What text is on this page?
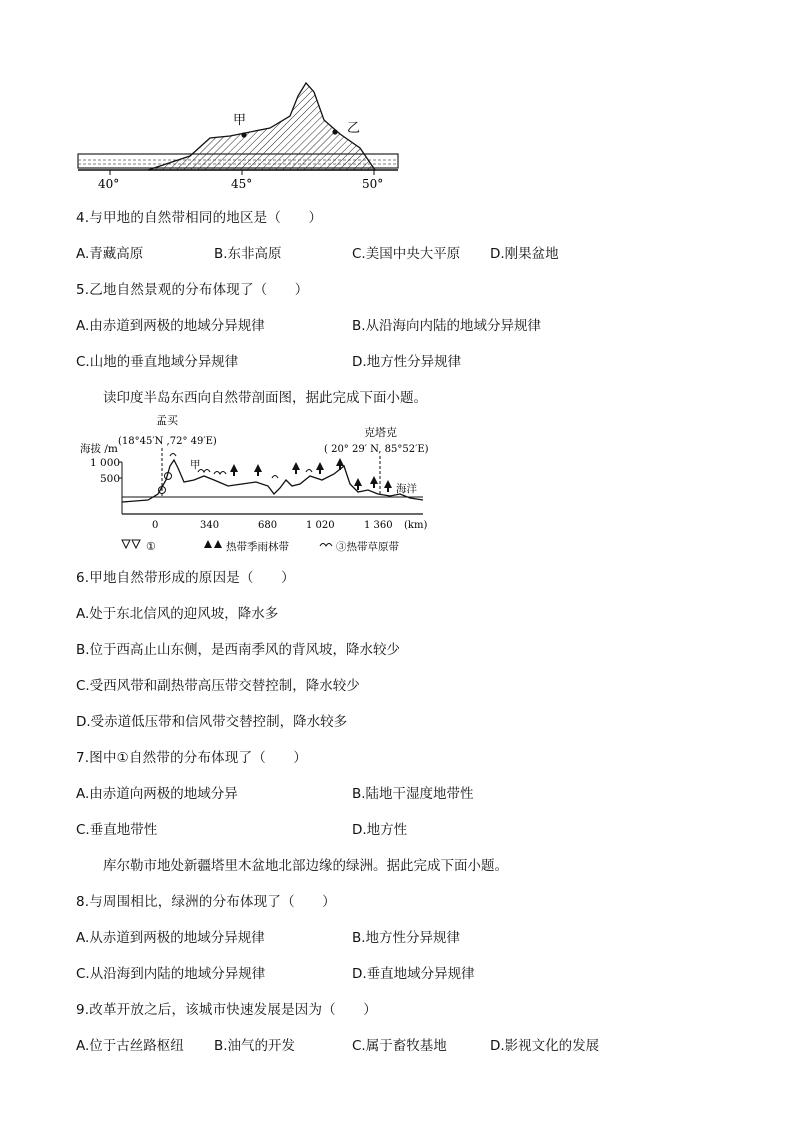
甲
乙
40°	45°	50°
4.与甲地的自然带相同的地区是（　　）
A.青藏高原	B.东非高原	C.美国中央大平原 D.刚果盆地
5.乙地自然景观的分布体现了（　　）
A.由赤道到两极的地域分异规律	B.从沿海向内陆的地域分异规律
C.山地的垂直地域分异规律	D.地方性分异规律
读印度半岛东西向自然带剖面图，据此完成下面小题。
海拔 /m
1 000
500
孟买
(18°45′N ,72° 49′E)
克塔克
( 20° 29′ N, 85°52′E)
甲
海洋
0	340	680	1 020	1 360 (km)
①	热带季雨林带	③热带草原带
6.甲地自然带形成的原因是（　　）
A.处于东北信风的迎风坡，降水多
B.位于西高止山东侧，是西南季风的背风坡，降水较少
C.受西风带和副热带高压带交替控制，降水较少
D.受赤道低压带和信风带交替控制，降水较多
7.图中①自然带的分布体现了（　　）
A.由赤道向两极的地域分异	B.陆地干湿度地带性
C.垂直地带性	D.地方性
库尔勒市地处新疆塔里木盆地北部边缘的绿洲。据此完成下面小题。
8.与周围相比，绿洲的分布体现了（　　）
A.从赤道到两极的地域分异规律	B.地方性分异规律
C.从沿海到内陆的地域分异规律	D.垂直地域分异规律
9.改革开放之后，该城市快速发展是因为（　　）
A.位于古丝路枢纽 B.油气的开发	C.属于畜牧基地	D.影视文化的发展
